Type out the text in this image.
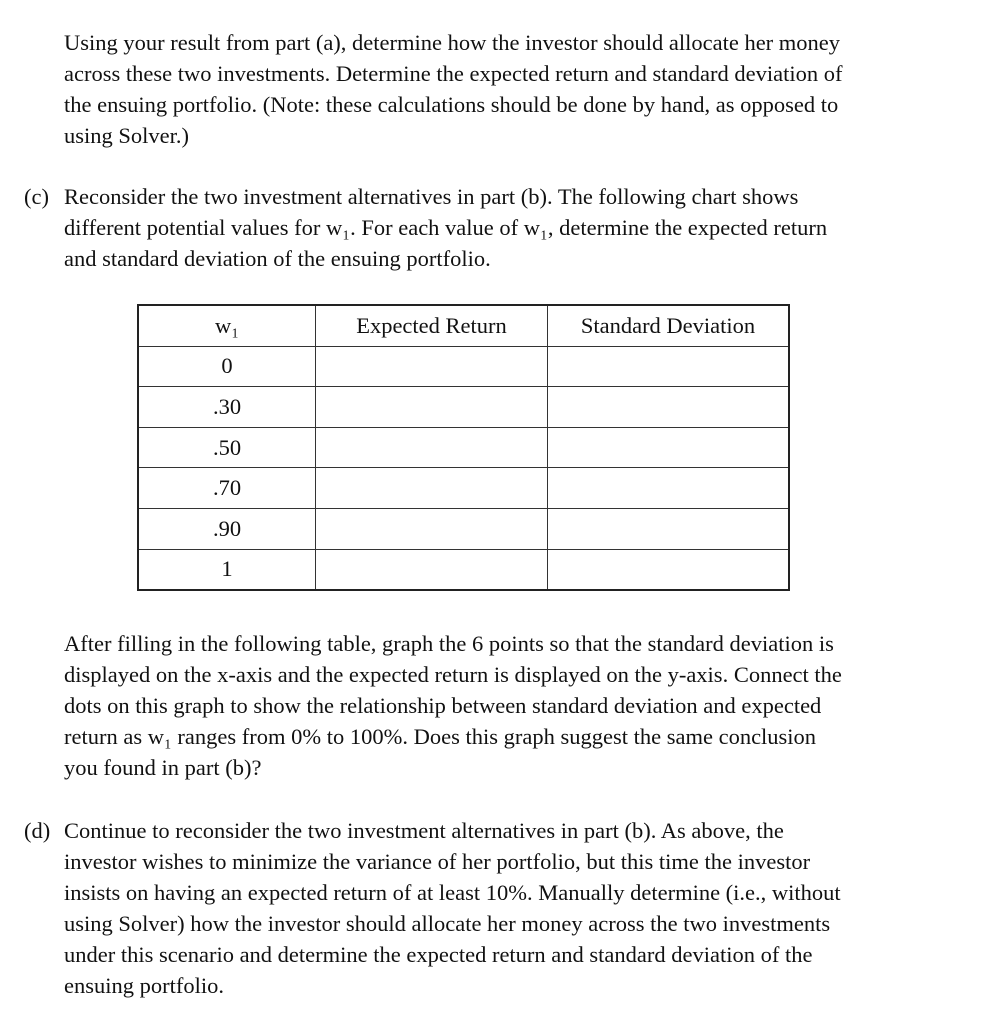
Using your result from part (a), determine how the investor should allocate her money
across these two investments. Determine the expected return and standard deviation of
the ensuing portfolio. (Note: these calculations should be done by hand, as opposed to
using Solver.)
(c) Reconsider the two investment alternatives in part (b). The following chart shows
different potential values for w₁. For each value of w₁, determine the expected return
and standard deviation of the ensuing portfolio.
w₁	Expected Return	Standard Deviation
0		
.30		
.50		
.70		
.90		
1		
After filling in the following table, graph the 6 points so that the standard deviation is
displayed on the x-axis and the expected return is displayed on the y-axis. Connect the
dots on this graph to show the relationship between standard deviation and expected
return as w₁ ranges from 0% to 100%. Does this graph suggest the same conclusion
you found in part (b)?
(d) Continue to reconsider the two investment alternatives in part (b). As above, the
investor wishes to minimize the variance of her portfolio, but this time the investor
insists on having an expected return of at least 10%. Manually determine (i.e., without
using Solver) how the investor should allocate her money across the two investments
under this scenario and determine the expected return and standard deviation of the
ensuing portfolio.
